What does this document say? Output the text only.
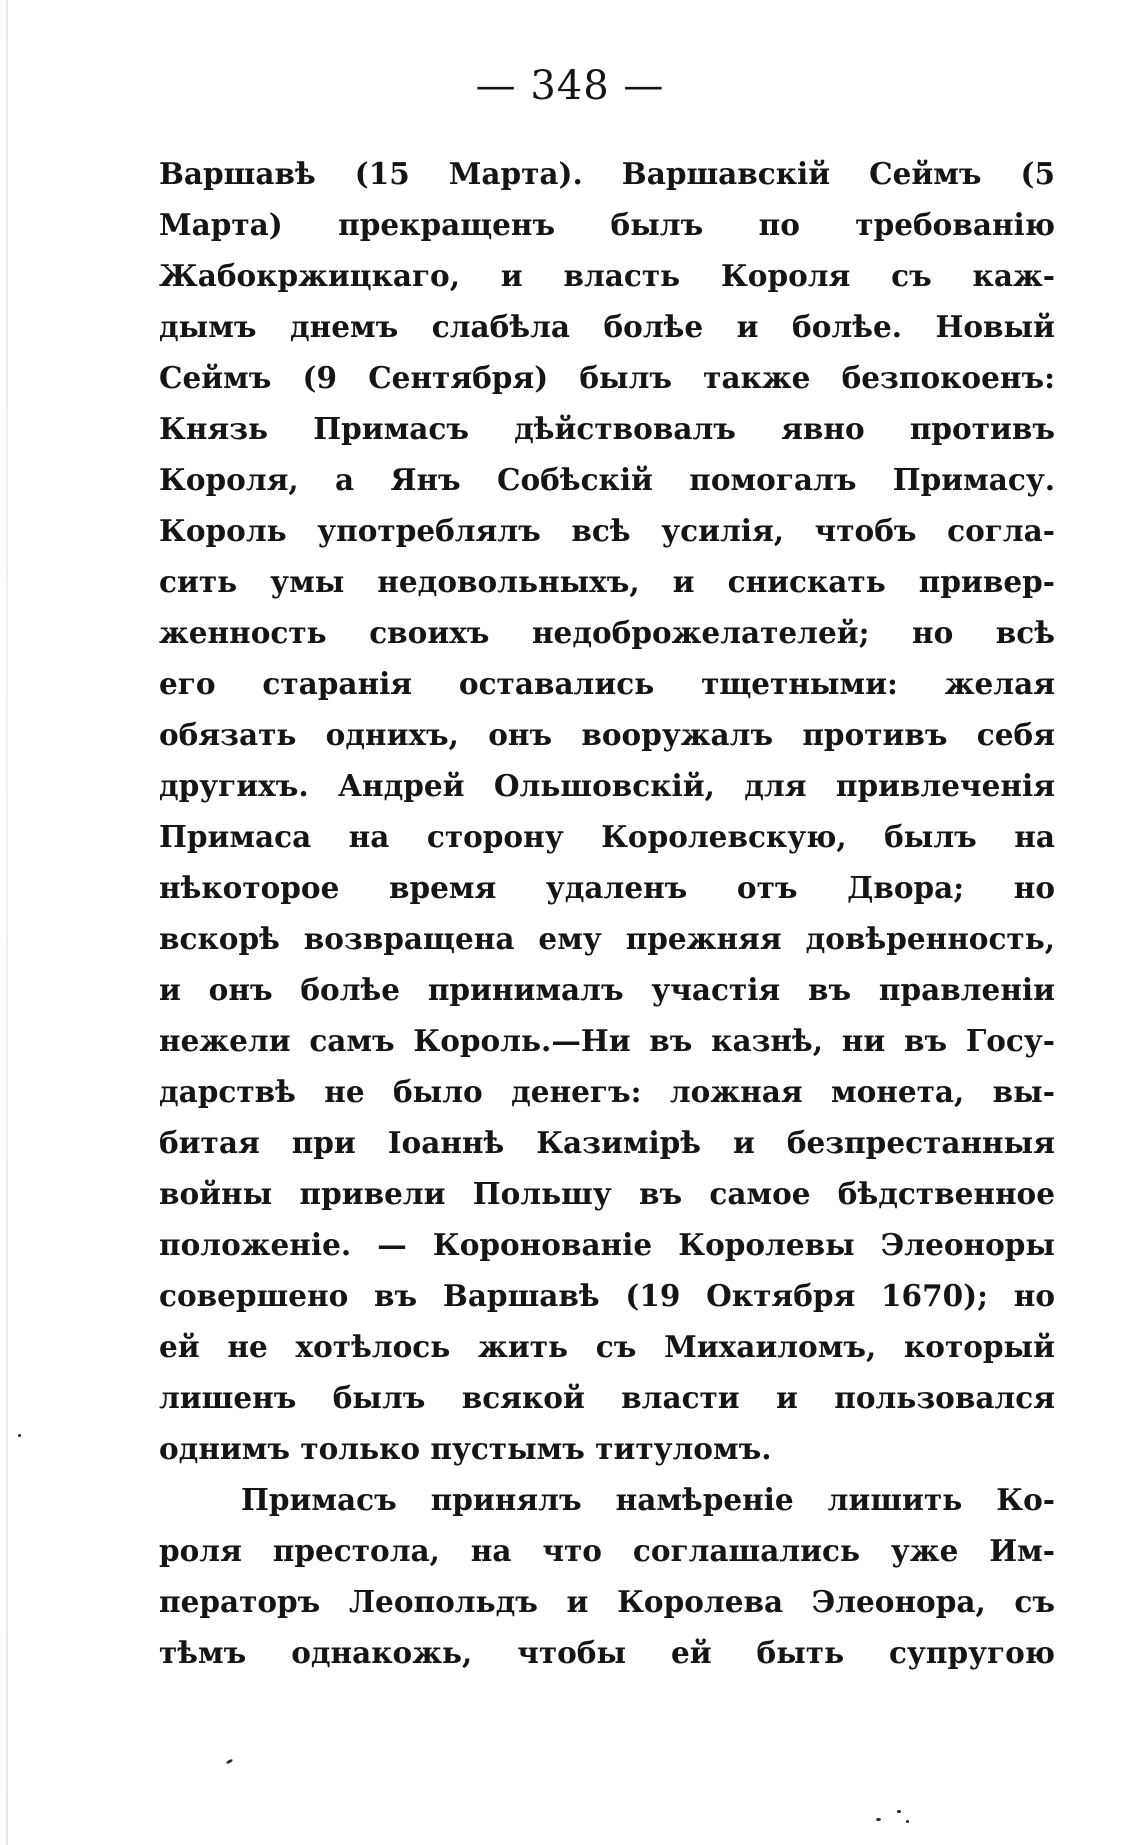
— 348 —
Варшавѣ (15 Марта). Варшавскій Сеймъ (5
Марта) прекращенъ былъ по требованію
Жабокржицкаго, и власть Короля съ каж-
дымъ днемъ слабѣла болѣе и болѣе. Новый
Сеймъ (9 Сентября) былъ также безпокоенъ:
Князь Примасъ дѣйствовалъ явно противъ
Короля, а Янъ Собѣскій помогалъ Примасу.
Король употреблялъ всѣ усилія, чтобъ согла-
сить умы недовольныхъ, и снискать привер-
женность своихъ недоброжелателей; но всѣ
его старанія оставались тщетными: желая
обязать однихъ, онъ вооружалъ противъ себя
другихъ. Андрей Ольшовскій, для привлеченія
Примаса на сторону Королевскую, былъ на
нѣкоторое время удаленъ отъ Двора; но
вскорѣ возвращена ему прежняя довѣренность,
и онъ болѣе принималъ участія въ правленіи
нежели самъ Король.—Ни въ казнѣ, ни въ Госу-
дарствѣ не было денегъ: ложная монета, вы-
битая при Іоаннѣ Казимірѣ и безпрестанныя
войны привели Польшу въ самое бѣдственное
положеніе. — Коронованіе Королевы Элеоноры
совершено въ Варшавѣ (19 Октября 1670); но
ей не хотѣлось жить съ Михаиломъ, который
лишенъ былъ всякой власти и пользовался
однимъ только пустымъ титуломъ.
Примасъ принялъ намѣреніе лишить Ко-
роля престола, на что соглашались уже Им-
ператоръ Леопольдъ и Королева Элеонора, съ
тѣмъ однакожь, чтобы ей быть супругою
